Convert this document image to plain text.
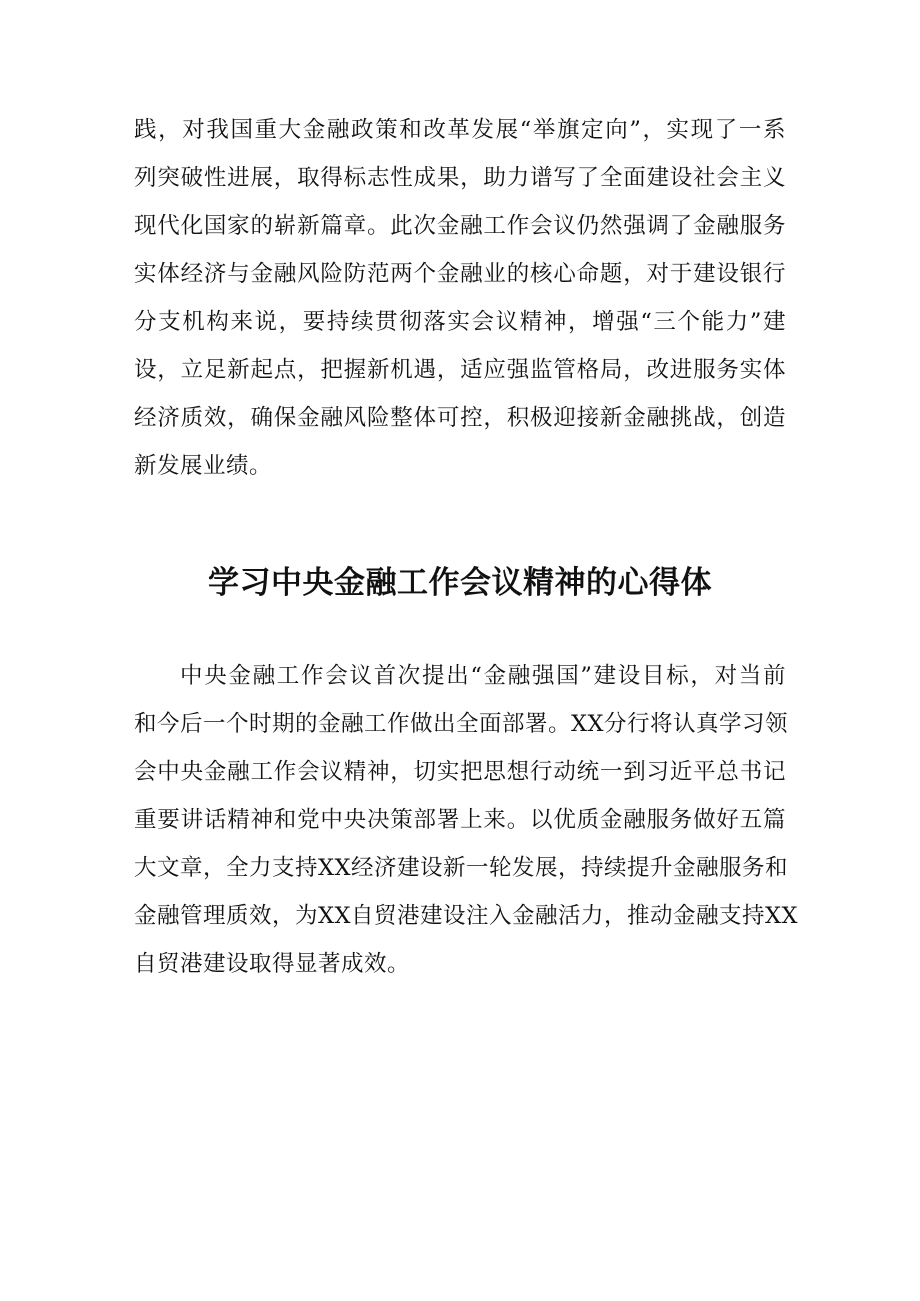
践，对我国重大金融政策和改革发展“举旗定向”，实现了一系
列突破性进展，取得标志性成果，助力谱写了全面建设社会主义
现代化国家的崭新篇章。此次金融工作会议仍然强调了金融服务
实体经济与金融风险防范两个金融业的核心命题，对于建设银行
分支机构来说，要持续贯彻落实会议精神，增强“三个能力”建
设，立足新起点，把握新机遇，适应强监管格局，改进服务实体
经济质效，确保金融风险整体可控，积极迎接新金融挑战，创造
新发展业绩。
学习中央金融工作会议精神的心得体
中央金融工作会议首次提出“金融强国”建设目标，对当前
和今后一个时期的金融工作做出全面部署。XX分行将认真学习领
会中央金融工作会议精神，切实把思想行动统一到习近平总书记
重要讲话精神和党中央决策部署上来。以优质金融服务做好五篇
大文章，全力支持XX经济建设新一轮发展，持续提升金融服务和
金融管理质效，为XX自贸港建设注入金融活力，推动金融支持XX
自贸港建设取得显著成效。
